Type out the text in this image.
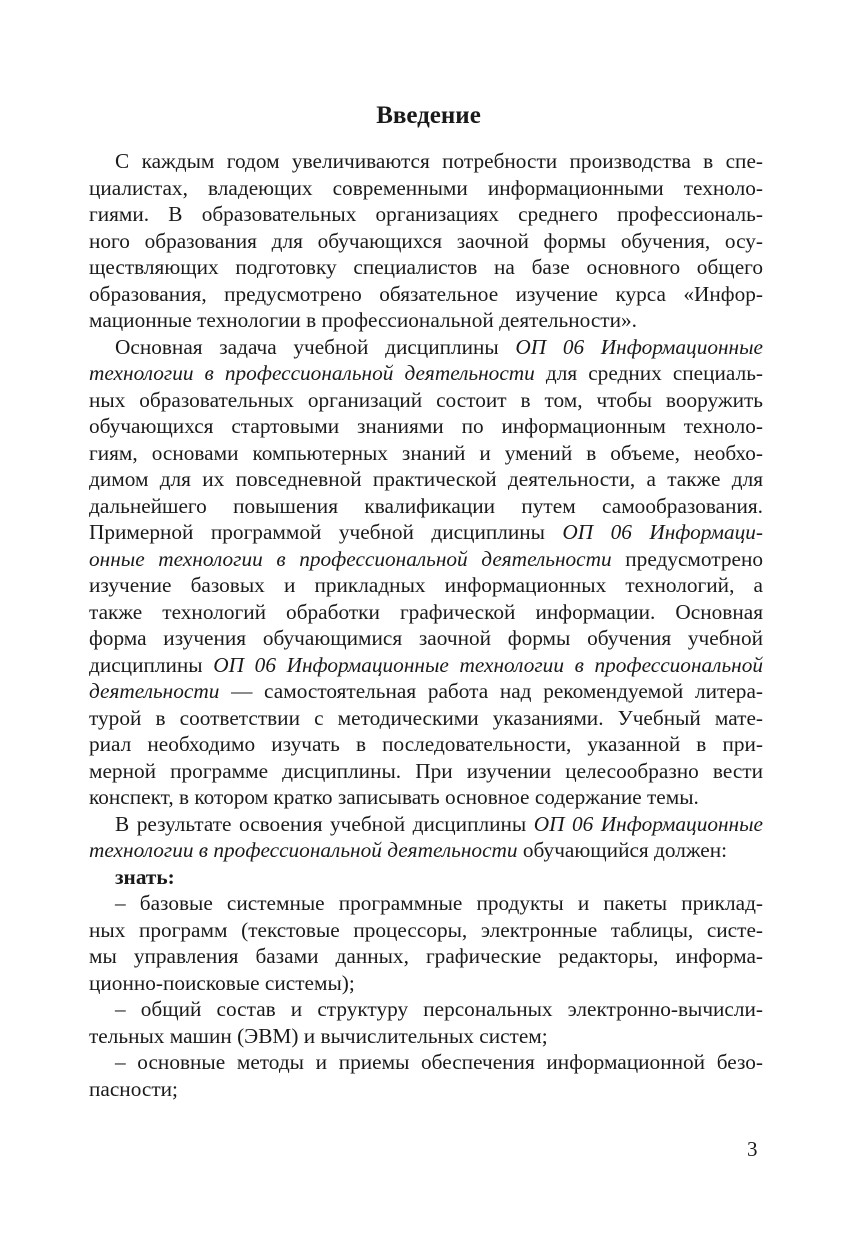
Введение
С каждым годом увеличиваются потребности производства в спе-
циалистах, владеющих современными информационными техноло-
гиями. В образовательных организациях среднего профессиональ-
ного образования для обучающихся заочной формы обучения, осу-
ществляющих подготовку специалистов на базе основного общего
образования, предусмотрено обязательное изучение курса «Инфор-
мационные технологии в профессиональной деятельности».
Основная задача учебной дисциплины ОП 06 Информационные
технологии в профессиональной деятельности для средних специаль-
ных образовательных организаций состоит в том, чтобы вооружить
обучающихся стартовыми знаниями по информационным техноло-
гиям, основами компьютерных знаний и умений в объеме, необхо-
димом для их повседневной практической деятельности, а также для
дальнейшего повышения квалификации путем самообразования.
Примерной программой учебной дисциплины ОП 06 Информаци-
онные технологии в профессиональной деятельности предусмотрено
изучение базовых и прикладных информационных технологий, а
также технологий обработки графической информации. Основная
форма изучения обучающимися заочной формы обучения учебной
дисциплины ОП 06 Информационные технологии в профессиональной
деятельности — самостоятельная работа над рекомендуемой литера-
турой в соответствии с методическими указаниями. Учебный мате-
риал необходимо изучать в последовательности, указанной в при-
мерной программе дисциплины. При изучении целесообразно вести
конспект, в котором кратко записывать основное содержание темы.
В результате освоения учебной дисциплины ОП 06 Информационные
технологии в профессиональной деятельности обучающийся должен:
знать:
– базовые системные программные продукты и пакеты приклад-
ных программ (текстовые процессоры, электронные таблицы, систе-
мы управления базами данных, графические редакторы, информа-
ционно-поисковые системы);
– общий состав и структуру персональных электронно-вычисли-
тельных машин (ЭВМ) и вычислительных систем;
– основные методы и приемы обеспечения информационной безо-
пасности;
3
